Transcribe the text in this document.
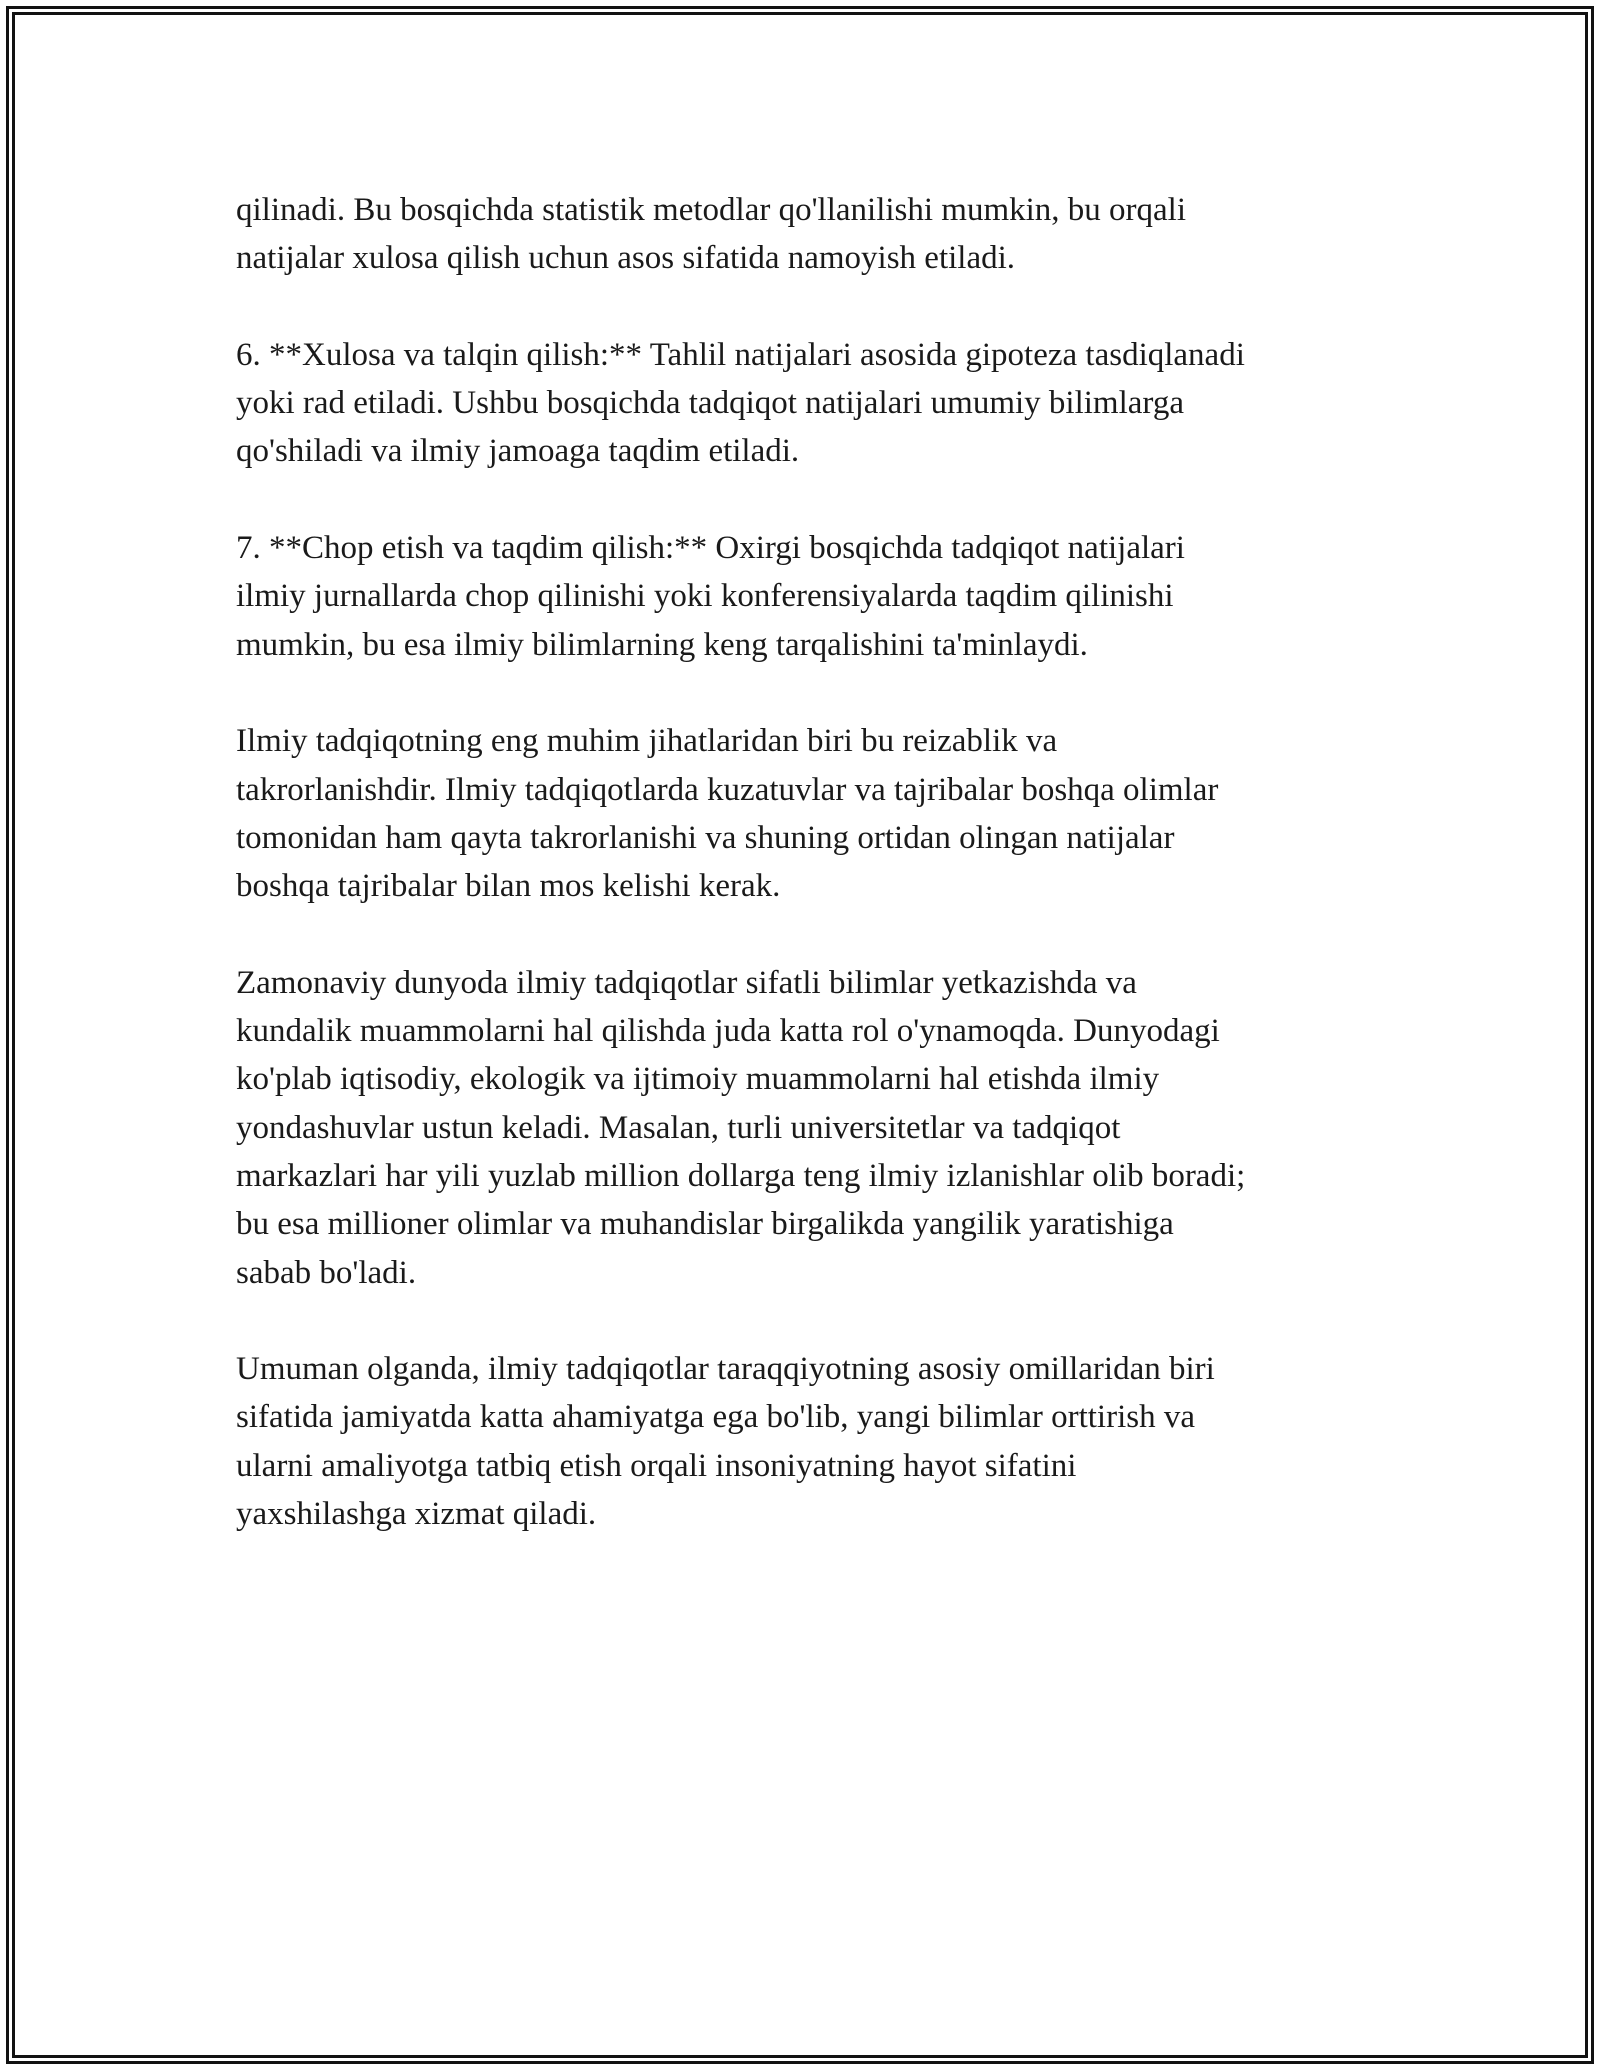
qilinadi. Bu bosqichda statistik metodlar qo'llanilishi mumkin, bu orqali
natijalar xulosa qilish uchun asos sifatida namoyish etiladi.

6. **Xulosa va talqin qilish:** Tahlil natijalari asosida gipoteza tasdiqlanadi
yoki rad etiladi. Ushbu bosqichda tadqiqot natijalari umumiy bilimlarga
qo'shiladi va ilmiy jamoaga taqdim etiladi.

7. **Chop etish va taqdim qilish:** Oxirgi bosqichda tadqiqot natijalari
ilmiy jurnallarda chop qilinishi yoki konferensiyalarda taqdim qilinishi
mumkin, bu esa ilmiy bilimlarning keng tarqalishini ta'minlaydi.

Ilmiy tadqiqotning eng muhim jihatlaridan biri bu reizablik va
takrorlanishdir. Ilmiy tadqiqotlarda kuzatuvlar va tajribalar boshqa olimlar
tomonidan ham qayta takrorlanishi va shuning ortidan olingan natijalar
boshqa tajribalar bilan mos kelishi kerak.

Zamonaviy dunyoda ilmiy tadqiqotlar sifatli bilimlar yetkazishda va
kundalik muammolarni hal qilishda juda katta rol o'ynamoqda. Dunyodagi
ko'plab iqtisodiy, ekologik va ijtimoiy muammolarni hal etishda ilmiy
yondashuvlar ustun keladi. Masalan, turli universitetlar va tadqiqot
markazlari har yili yuzlab million dollarga teng ilmiy izlanishlar olib boradi;
bu esa millioner olimlar va muhandislar birgalikda yangilik yaratishiga
sabab bo'ladi.

Umuman olganda, ilmiy tadqiqotlar taraqqiyotning asosiy omillaridan biri
sifatida jamiyatda katta ahamiyatga ega bo'lib, yangi bilimlar orttirish va
ularni amaliyotga tatbiq etish orqali insoniyatning hayot sifatini
yaxshilashga xizmat qiladi.
